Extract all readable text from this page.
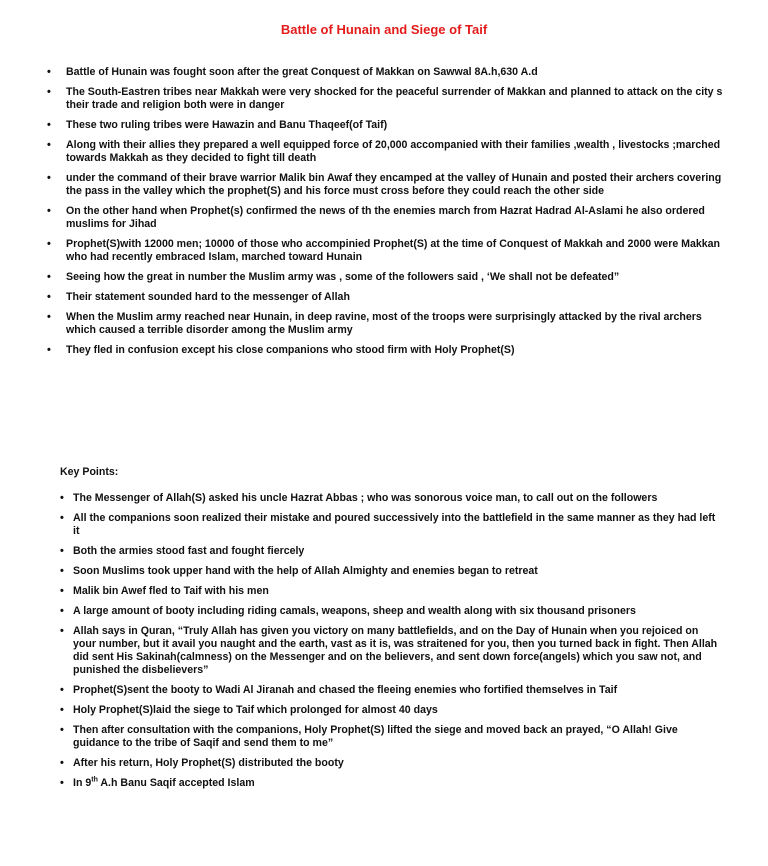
Battle of Hunain and Siege of Taif
• Battle of Hunain was fought soon after the great Conquest of Makkan on Sawwal 8A.h,630 A.d
• The South-Eastren tribes near Makkah were very shocked for the peaceful surrender of Makkan and planned to attack on the city s their trade and religion both were in danger
• These two ruling tribes were Hawazin and Banu Thaqeef(of Taif)
• Along with their allies they prepared a well equipped force of 20,000 accompanied with their families ,wealth , livestocks ;marched towards Makkah as they decided to fight till death
• under the command of their brave warrior Malik bin Awaf they encamped at the valley of Hunain and posted their archers covering the pass in the valley which the prophet(S) and his force must cross before they could reach the other side
• On the other hand when Prophet(s) confirmed the news of th the enemies march from Hazrat Hadrad Al-Aslami he also ordered muslims for Jihad
• Prophet(S)with 12000 men; 10000 of those who accompinied Prophet(S) at the time of Conquest of Makkah and 2000 were Makkan who had recently embraced Islam, marched toward Hunain
• Seeing how the great in number the Muslim army was , some of the followers said , ‘We shall not be defeated”
• Their statement sounded hard to the messenger of Allah
• When the Muslim army reached near Hunain, in deep ravine, most of the troops were surprisingly attacked by the rival archers which caused a terrible disorder among the Muslim army
• They fled in confusion except his close companions who stood firm with Holy Prophet(S)
Key Points:
• The Messenger of Allah(S) asked his uncle Hazrat Abbas ; who was sonorous voice man, to call out on the followers
• All the companions soon realized their mistake and poured successively into the battlefield in the same manner as they had left it
• Both the armies stood fast and fought fiercely
• Soon Muslims took upper hand with the help of Allah Almighty and enemies began to retreat
• Malik bin Awef fled to Taif with his men
• A large amount of booty including riding camals, weapons, sheep and wealth along with six thousand prisoners
• Allah says in Quran, “Truly Allah has given you victory on many battlefields, and on the Day of Hunain when you rejoiced on your number, but it avail you naught and the earth, vast as it is, was straitened for you, then you turned back in fight. Then Allah did sent His Sakinah(calmness) on the Messenger and on the believers, and sent down force(angels) which you saw not, and punished the disbelievers”
• Prophet(S)sent the booty to Wadi Al Jiranah and chased the fleeing enemies who fortified themselves in Taif
• Holy Prophet(S)laid the siege to Taif which prolonged for almost 40 days
• Then after consultation with the companions, Holy Prophet(S) lifted the siege and moved back an prayed, “O Allah! Give guidance to the tribe of Saqif and send them to me”
• After his return, Holy Prophet(S) distributed the booty
• In 9th A.h Banu Saqif accepted Islam
